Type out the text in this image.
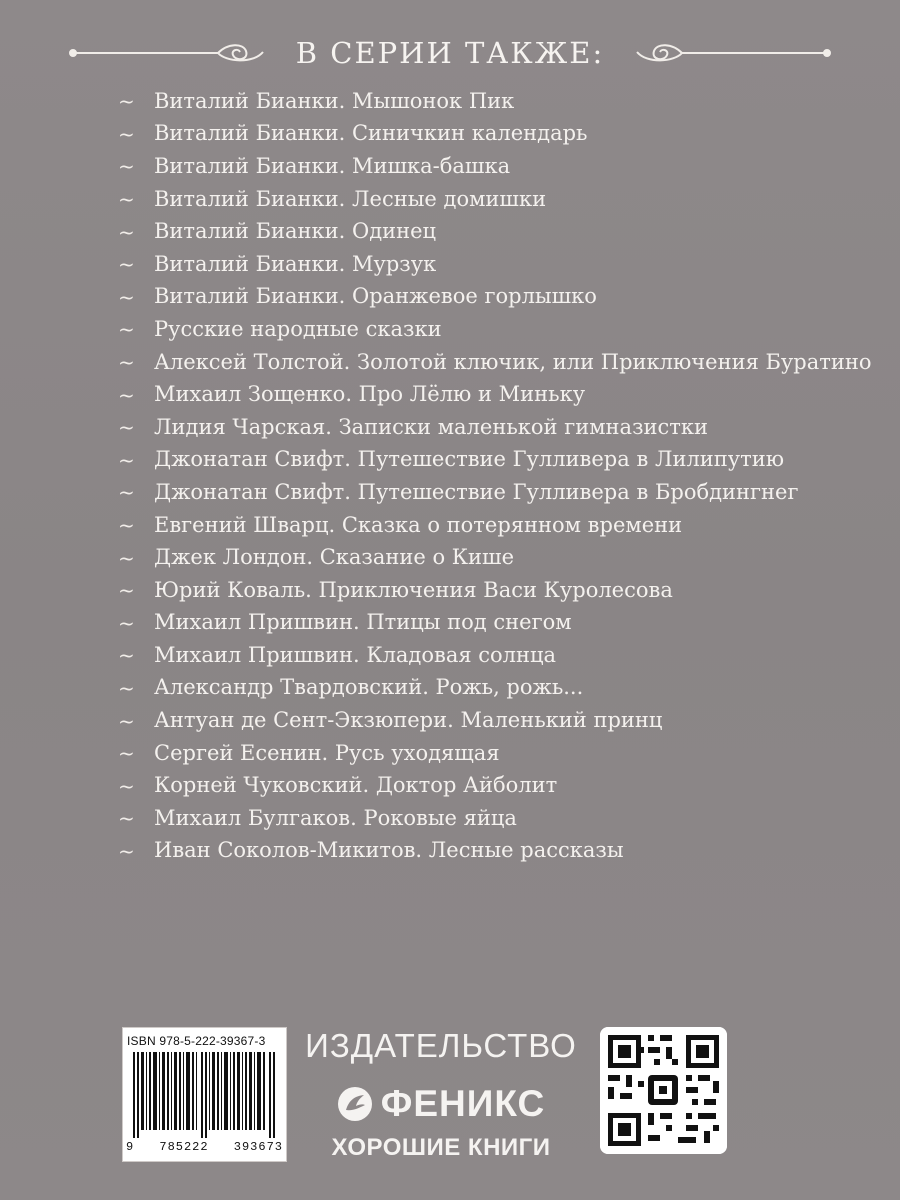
В СЕРИИ ТАКЖЕ:
~ Виталий Бианки. Мышонок Пик
~ Виталий Бианки. Синичкин календарь
~ Виталий Бианки. Мишка-башка
~ Виталий Бианки. Лесные домишки
~ Виталий Бианки. Одинец
~ Виталий Бианки. Мурзук
~ Виталий Бианки. Оранжевое горлышко
~ Русские народные сказки
~ Алексей Толстой. Золотой ключик, или Приключения Буратино
~ Михаил Зощенко. Про Лёлю и Миньку
~ Лидия Чарская. Записки маленькой гимназистки
~ Джонатан Свифт. Путешествие Гулливера в Лилипутию
~ Джонатан Свифт. Путешествие Гулливера в Бробдингнег
~ Евгений Шварц. Сказка о потерянном времени
~ Джек Лондон. Сказание о Кише
~ Юрий Коваль. Приключения Васи Куролесова
~ Михаил Пришвин. Птицы под снегом
~ Михаил Пришвин. Кладовая солнца
~ Александр Твардовский. Рожь, рожь...
~ Антуан де Сент-Экзюпери. Маленький принц
~ Сергей Есенин. Русь уходящая
~ Корней Чуковский. Доктор Айболит
~ Михаил Булгаков. Роковые яйца
~ Иван Соколов-Микитов. Лесные рассказы
ISBN 978-5-222-39367-3
9 785222 393673
ИЗДАТЕЛЬСТВО
ФЕНИКС
ХОРОШИЕ КНИГИ
